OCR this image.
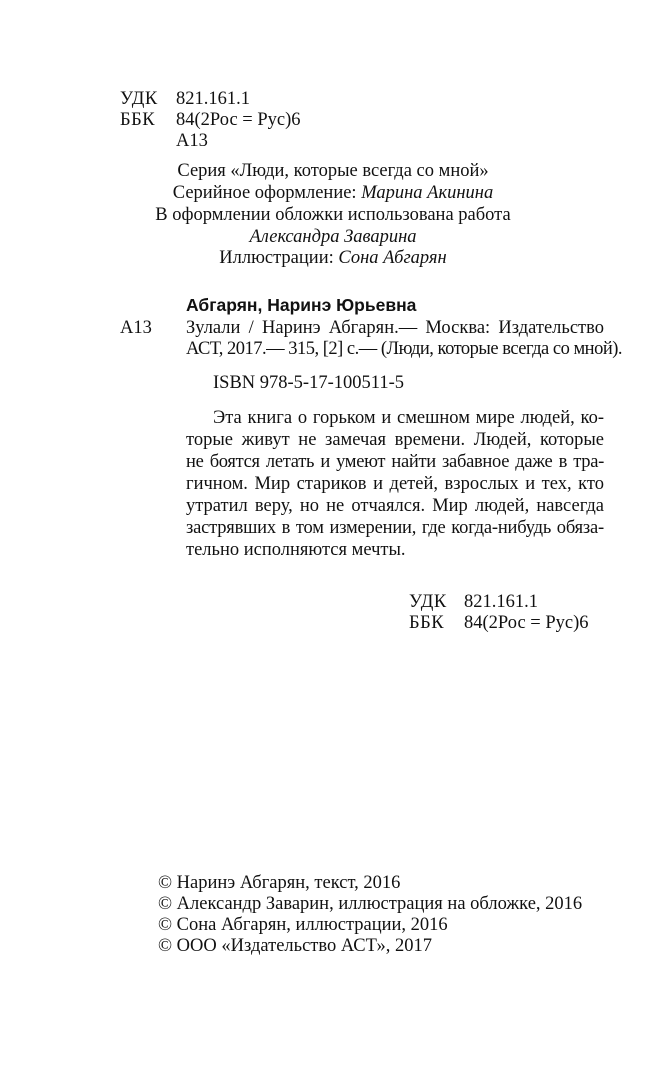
УДК 821.161.1
ББК 84(2Рос = Рус)6
А13
Серия «Люди, которые всегда со мной»
Серийное оформление: Марина Акинина
В оформлении обложки использована работа
Александра Заварина
Иллюстрации: Сона Абгарян
Абгарян, Наринэ Юрьевна
А13 Зулали / Наринэ Абгарян.— Москва: Издательство
АСТ, 2017.— 315, [2] с.— (Люди, которые всегда со мной).
ISBN 978-5-17-100511-5
Эта книга о горьком и смешном мире людей, ко-
торые живут не замечая времени. Людей, которые
не боятся летать и умеют найти забавное даже в тра-
гичном. Мир стариков и детей, взрослых и тех, кто
утратил веру, но не отчаялся. Мир людей, навсегда
застрявших в том измерении, где когда-нибудь обяза-
тельно исполняются мечты.
УДК 821.161.1
ББК 84(2Рос = Рус)6
© Наринэ Абгарян, текст, 2016
© Александр Заварин, иллюстрация на обложке, 2016
© Сона Абгарян, иллюстрации, 2016
© ООО «Издательство АСТ», 2017
